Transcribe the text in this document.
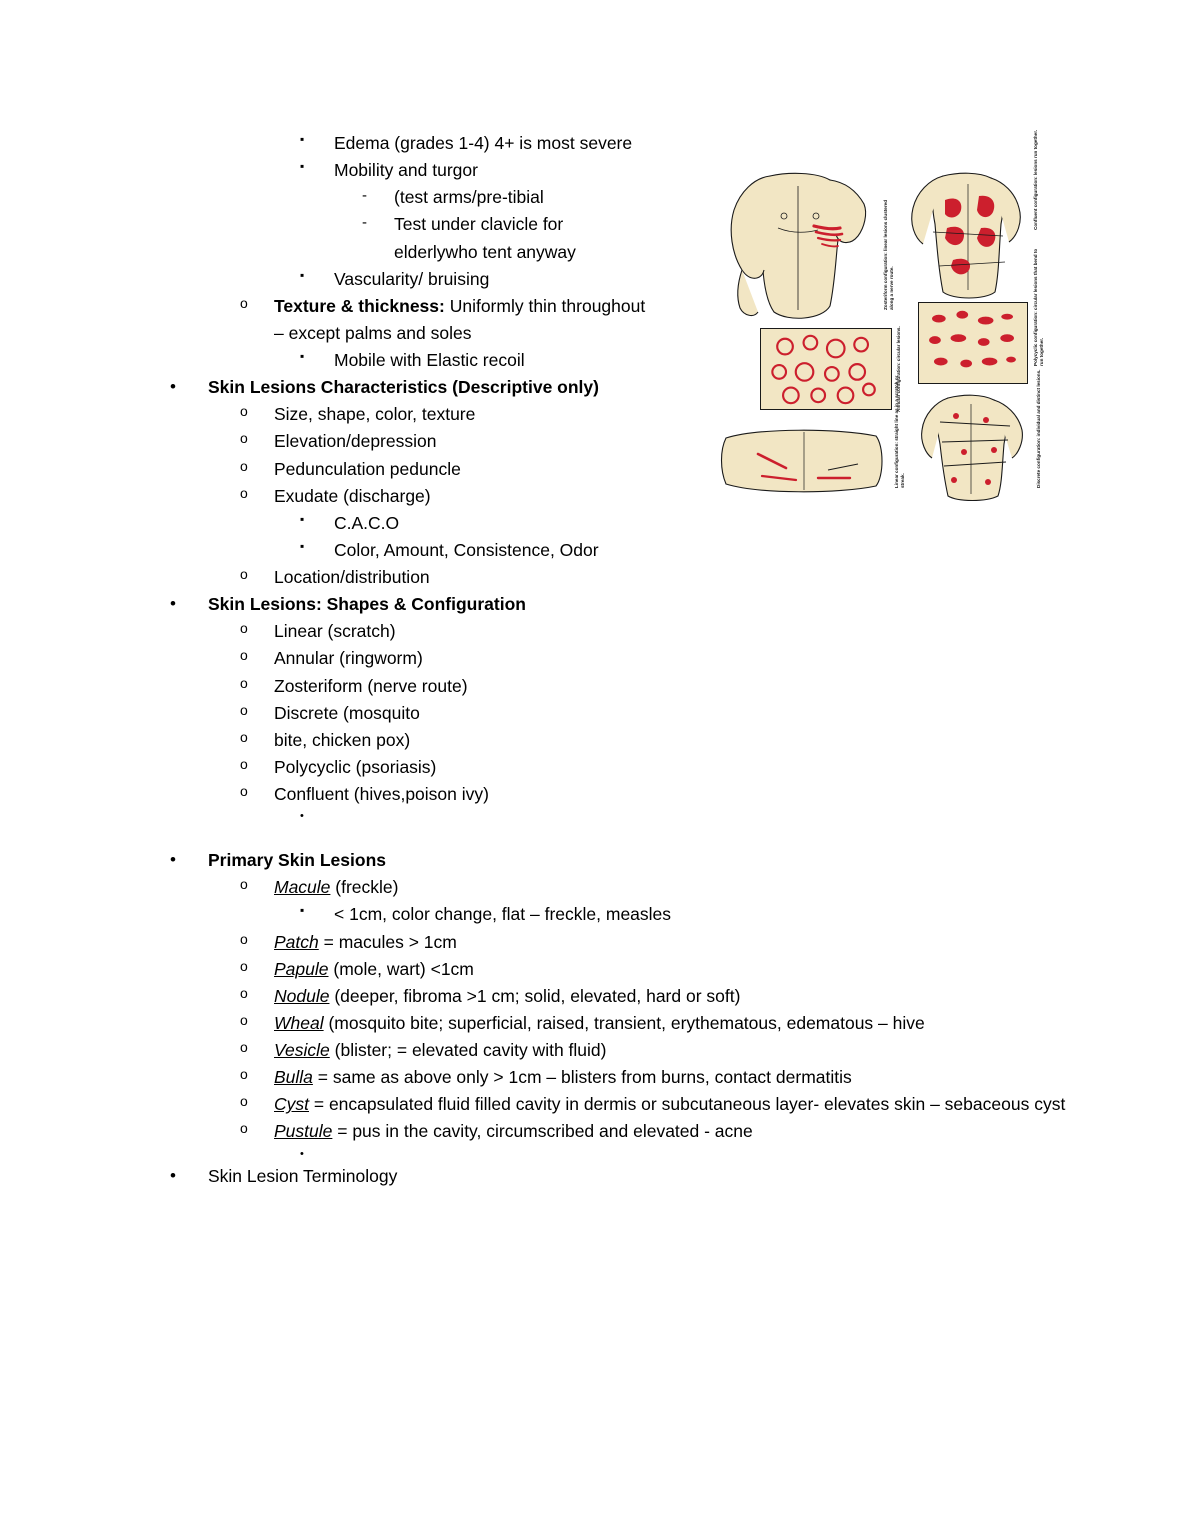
▪	Edema (grades 1-4) 4+ is most severe
▪	Mobility and turgor
-	(test arms/pre-tibial
-	Test under clavicle for
elderlywho tent anyway
▪	Vascularity/ bruising
o	Texture & thickness: Uniformly thin throughout
– except palms and soles
▪	Mobile with Elastic recoil
•	Skin Lesions Characteristics (Descriptive only)
o	Size, shape, color, texture
o	Elevation/depression
o	Pedunculation peduncle
o	Exudate (discharge)
▪	C.A.C.O
▪	Color, Amount, Consistence, Odor
o	Location/distribution
•	Skin Lesions: Shapes & Configuration
o	Linear (scratch)
o	Annular (ringworm)
o	Zosteriform (nerve route)
o	Discrete (mosquito
o	bite, chicken pox)
o	Polycyclic (psoriasis)
o	Confluent (hives,poison ivy)
•
•	Primary Skin Lesions
o	Macule (freckle)
▪	< 1cm, color change, flat – freckle, measles
o	Patch = macules > 1cm
o	Papule (mole, wart) <1cm
o	Nodule (deeper, fibroma >1 cm; solid, elevated, hard or soft)
o	Wheal (mosquito bite; superficial, raised, transient, erythematous, edematous – hive
o	Vesicle (blister; = elevated cavity with fluid)
o	Bulla = same as above only > 1cm – blisters from burns, contact dermatitis
o	Cyst = encapsulated fluid filled cavity in dermis or subcutaneous layer- elevates skin – sebaceous cyst
o	Pustule = pus in the cavity, circumscribed and elevated - acne
•
•	Skin Lesion Terminology
Zosteriform configuration: linear lesions clustered along a nerve route.
Confluent configuration: lesions run together.
Annular configuration: circular lesions.
Polycyclic configuration: circular lesions that bend to run together.
Linear configuration: straight line as in a scratch or streak.	Discrete configuration: individual and distinct lesions.
